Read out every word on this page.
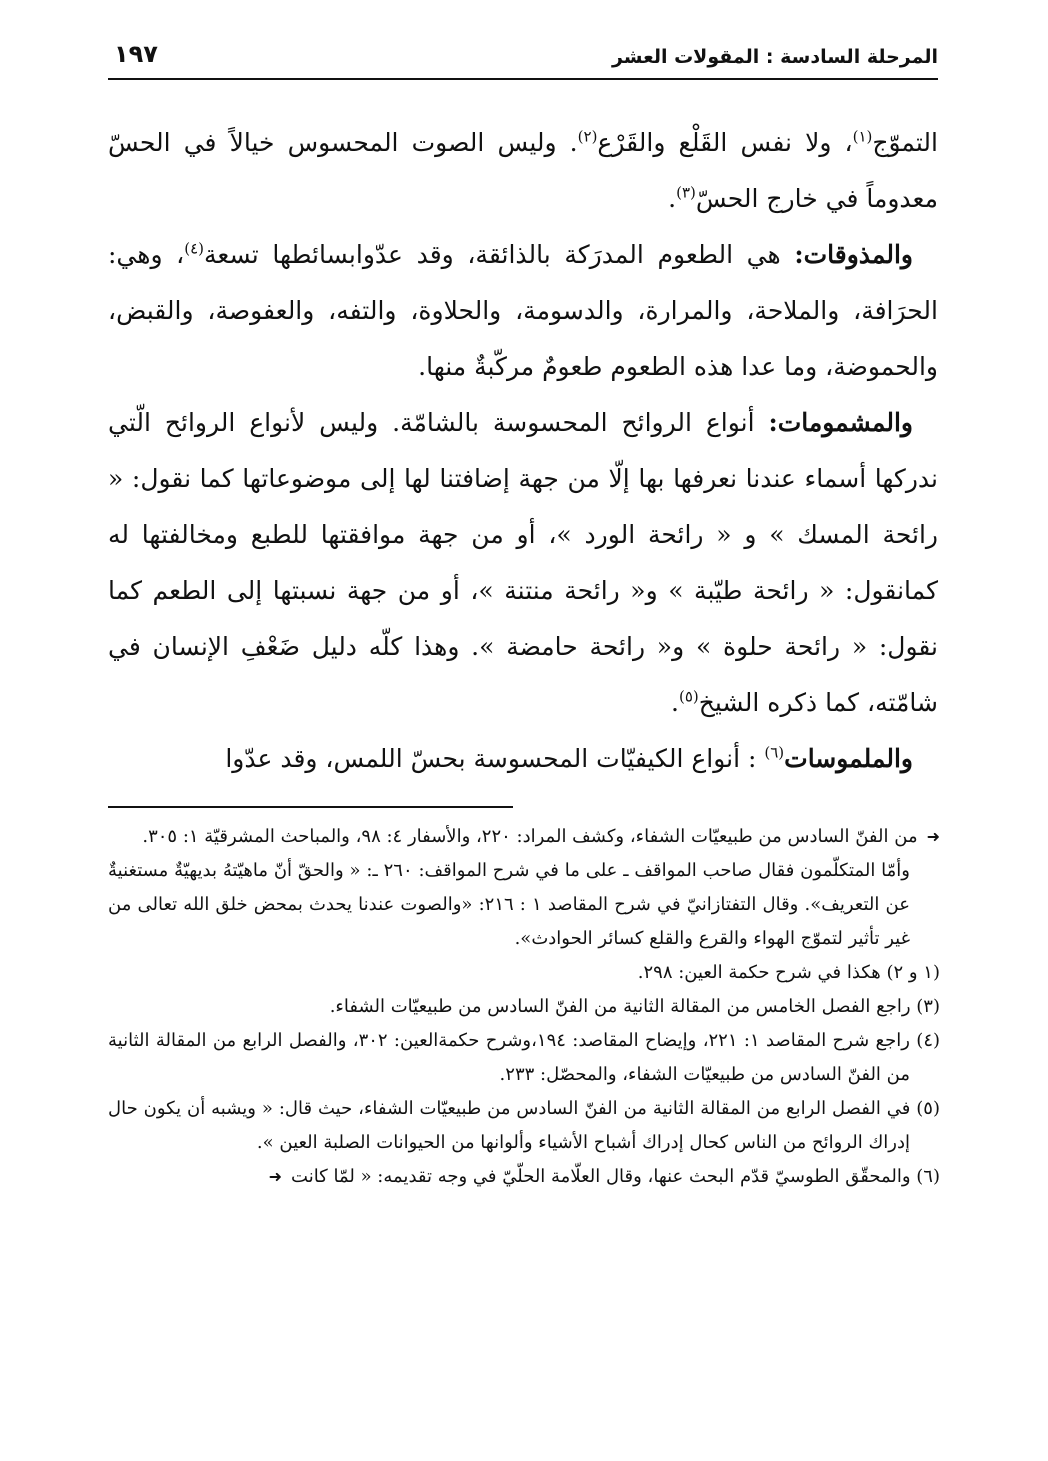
المرحلة السادسة : المقولات العشر
١٩٧

التموّج$^{(١)}$، ولا نفس القَلْع والقَرْع$^{(٢)}$. وليس الصوت المحسوس خيالاً في الحسّ معدوماً في خارج الحسّ$^{(٣)}$.

 والمذوقات: هي الطعوم المدرَكة بالذائقة، وقد عدّوابسائطها تسعة$^{(٤)}$، وهي: الحرَافة، والملاحة، والمرارة، والدسومة، والحلاوة، والتفه، والعفوصة، والقبض، والحموضة، وما عدا هذه الطعوم طعومٌ مركّبةٌ منها.

 والمشمومات: أنواع الروائح المحسوسة بالشامّة. وليس لأنواع الروائح الّتي ندركها أسماء عندنا نعرفها بها إلّا من جهة إضافتنا لها إلى موضوعاتها كما نقول: « رائحة المسك » و « رائحة الورد »، أو من جهة موافقتها للطبع ومخالفتها له كمانقول: « رائحة طيّبة » و« رائحة منتنة »، أو من جهة نسبتها إلى الطعم كما نقول: « رائحة حلوة » و« رائحة حامضة ». وهذا كلّه دليل ضَعْفِ الإنسان في شامّته، كما ذكره الشيخ$^{(٥)}$.

 والملموسات$^{(٦)}$ : أنواع الكيفيّات المحسوسة بحسّ اللمس، وقد عدّوا

➜ من الفنّ السادس من طبيعيّات الشفاء، وكشف المراد: ٢٢٠، والأسفار ٤: ٩٨، والمباحث المشرقيّة ١: ٣٠٥.

وأمّا المتكلّمون فقال صاحب المواقف ـ على ما في شرح المواقف: ٢٦٠ ـ: « والحقّ أنّ ماهيّتهُ بديهيّةٌ مستغنيةٌ عن التعريف». وقال التفتازانيّ في شرح المقاصد ١ : ٢١٦: «والصوت عندنا يحدث بمحض خلق الله تعالى من غير تأثير لتموّج الهواء والقرع والقلع كسائر الحوادث».

(١ و ٢) هكذا في شرح حكمة العين: ٢٩٨.

(٣) راجع الفصل الخامس من المقالة الثانية من الفنّ السادس من طبيعيّات الشفاء.

(٤) راجع شرح المقاصد ١: ٢٢١، وإيضاح المقاصد: ١٩٤،وشرح حكمةالعين: ٣٠٢، والفصل الرابع من المقالة الثانية من الفنّ السادس من طبيعيّات الشفاء، والمحصّل: ٢٣٣.

(٥) في الفصل الرابع من المقالة الثانية من الفنّ السادس من طبيعيّات الشفاء، حيث قال: « ويشبه أن يكون حال إدراك الروائح من الناس كحال إدراك أشباح الأشياء وألوانها من الحيوانات الصلبة العين ».

(٦) والمحقّق الطوسيّ قدّم البحث عنها، وقال العلّامة الحلّيّ في وجه تقديمه: « لمّا كانت ➜
